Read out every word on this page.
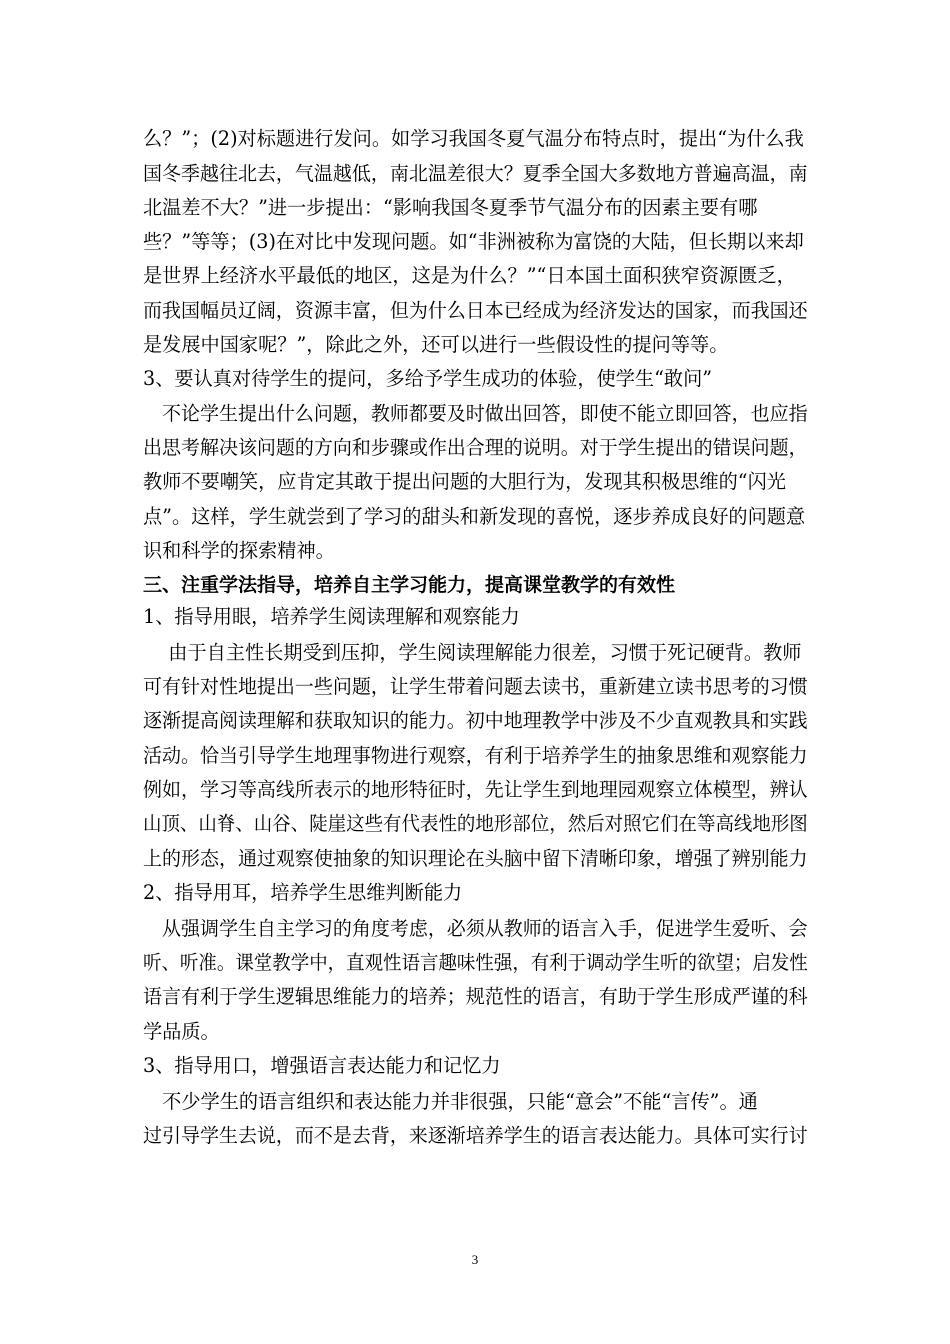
么？”；(2)对标题进行发问。如学习我国冬夏气温分布特点时，提出“为什么我
国冬季越往北去，气温越低，南北温差很大？夏季全国大多数地方普遍高温，南
北温差不大？”进一步提出：“影响我国冬夏季节气温分布的因素主要有哪
些？”等等；(3)在对比中发现问题。如“非洲被称为富饶的大陆，但长期以来却
是世界上经济水平最低的地区，这是为什么？”“日本国土面积狭窄资源匮乏，
而我国幅员辽阔，资源丰富，但为什么日本已经成为经济发达的国家，而我国还
是发展中国家呢？”，除此之外，还可以进行一些假设性的提问等等。
3、要认真对待学生的提问，多给予学生成功的体验，使学生“敢问”
　不论学生提出什么问题，教师都要及时做出回答，即使不能立即回答，也应指
出思考解决该问题的方向和步骤或作出合理的说明。对于学生提出的错误问题，
教师不要嘲笑，应肯定其敢于提出问题的大胆行为，发现其积极思维的“闪光
点”。这样，学生就尝到了学习的甜头和新发现的喜悦，逐步养成良好的问题意
识和科学的探索精神。
三、注重学法指导，培养自主学习能力，提高课堂教学的有效性
1、指导用眼，培养学生阅读理解和观察能力
　 由于自主性长期受到压抑，学生阅读理解能力很差，习惯于死记硬背。教师
可有针对性地提出一些问题，让学生带着问题去读书，重新建立读书思考的习惯
逐渐提高阅读理解和获取知识的能力。初中地理教学中涉及不少直观教具和实践
活动。恰当引导学生地理事物进行观察，有利于培养学生的抽象思维和观察能力
例如，学习等高线所表示的地形特征时，先让学生到地理园观察立体模型，辨认
山顶、山脊、山谷、陡崖这些有代表性的地形部位，然后对照它们在等高线地形图
上的形态，通过观察使抽象的知识理论在头脑中留下清晰印象，增强了辨别能力
2、指导用耳，培养学生思维判断能力
　从强调学生自主学习的角度考虑，必须从教师的语言入手，促进学生爱听、会
听、听准。课堂教学中，直观性语言趣味性强，有利于调动学生听的欲望；启发性
语言有利于学生逻辑思维能力的培养；规范性的语言，有助于学生形成严谨的科
学品质。
3、指导用口，增强语言表达能力和记忆力
　不少学生的语言组织和表达能力并非很强，只能“意会”不能“言传”。通
过引导学生去说，而不是去背，来逐渐培养学生的语言表达能力。具体可实行讨
3
